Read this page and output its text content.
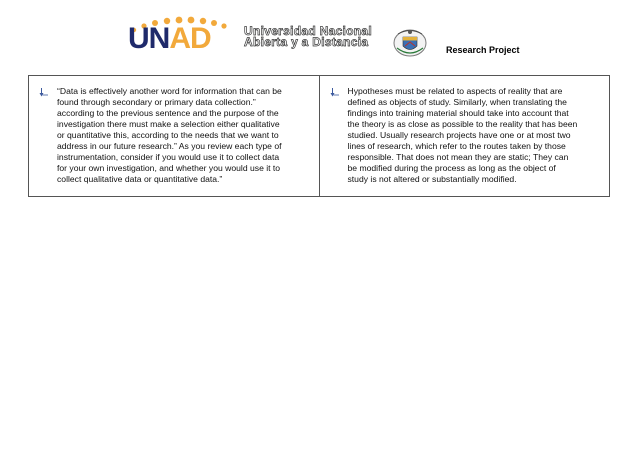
UNAD	Universidad Nacional
Abierta y a Distancia
Research Project
“Data is effectively another word for information that can be
found through secondary or primary data collection.”
according to the previous sentence and the purpose of the
investigation there must make a selection either qualitative
or quantitative this, according to the needs that we want to
address in our future research.” As you review each type of
instrumentation, consider if you would use it to collect data
for your own investigation, and whether you would use it to
collect qualitative data or quantitative data.”
Hypotheses must be related to aspects of reality that are
defined as objects of study. Similarly, when translating the
findings into training material should take into account that
the theory is as close as possible to the reality that has been
studied. Usually research projects have one or at most two
lines of research, which refer to the routes taken by those
responsible. That does not mean they are static; They can
be modified during the process as long as the object of
study is not altered or substantially modified.
